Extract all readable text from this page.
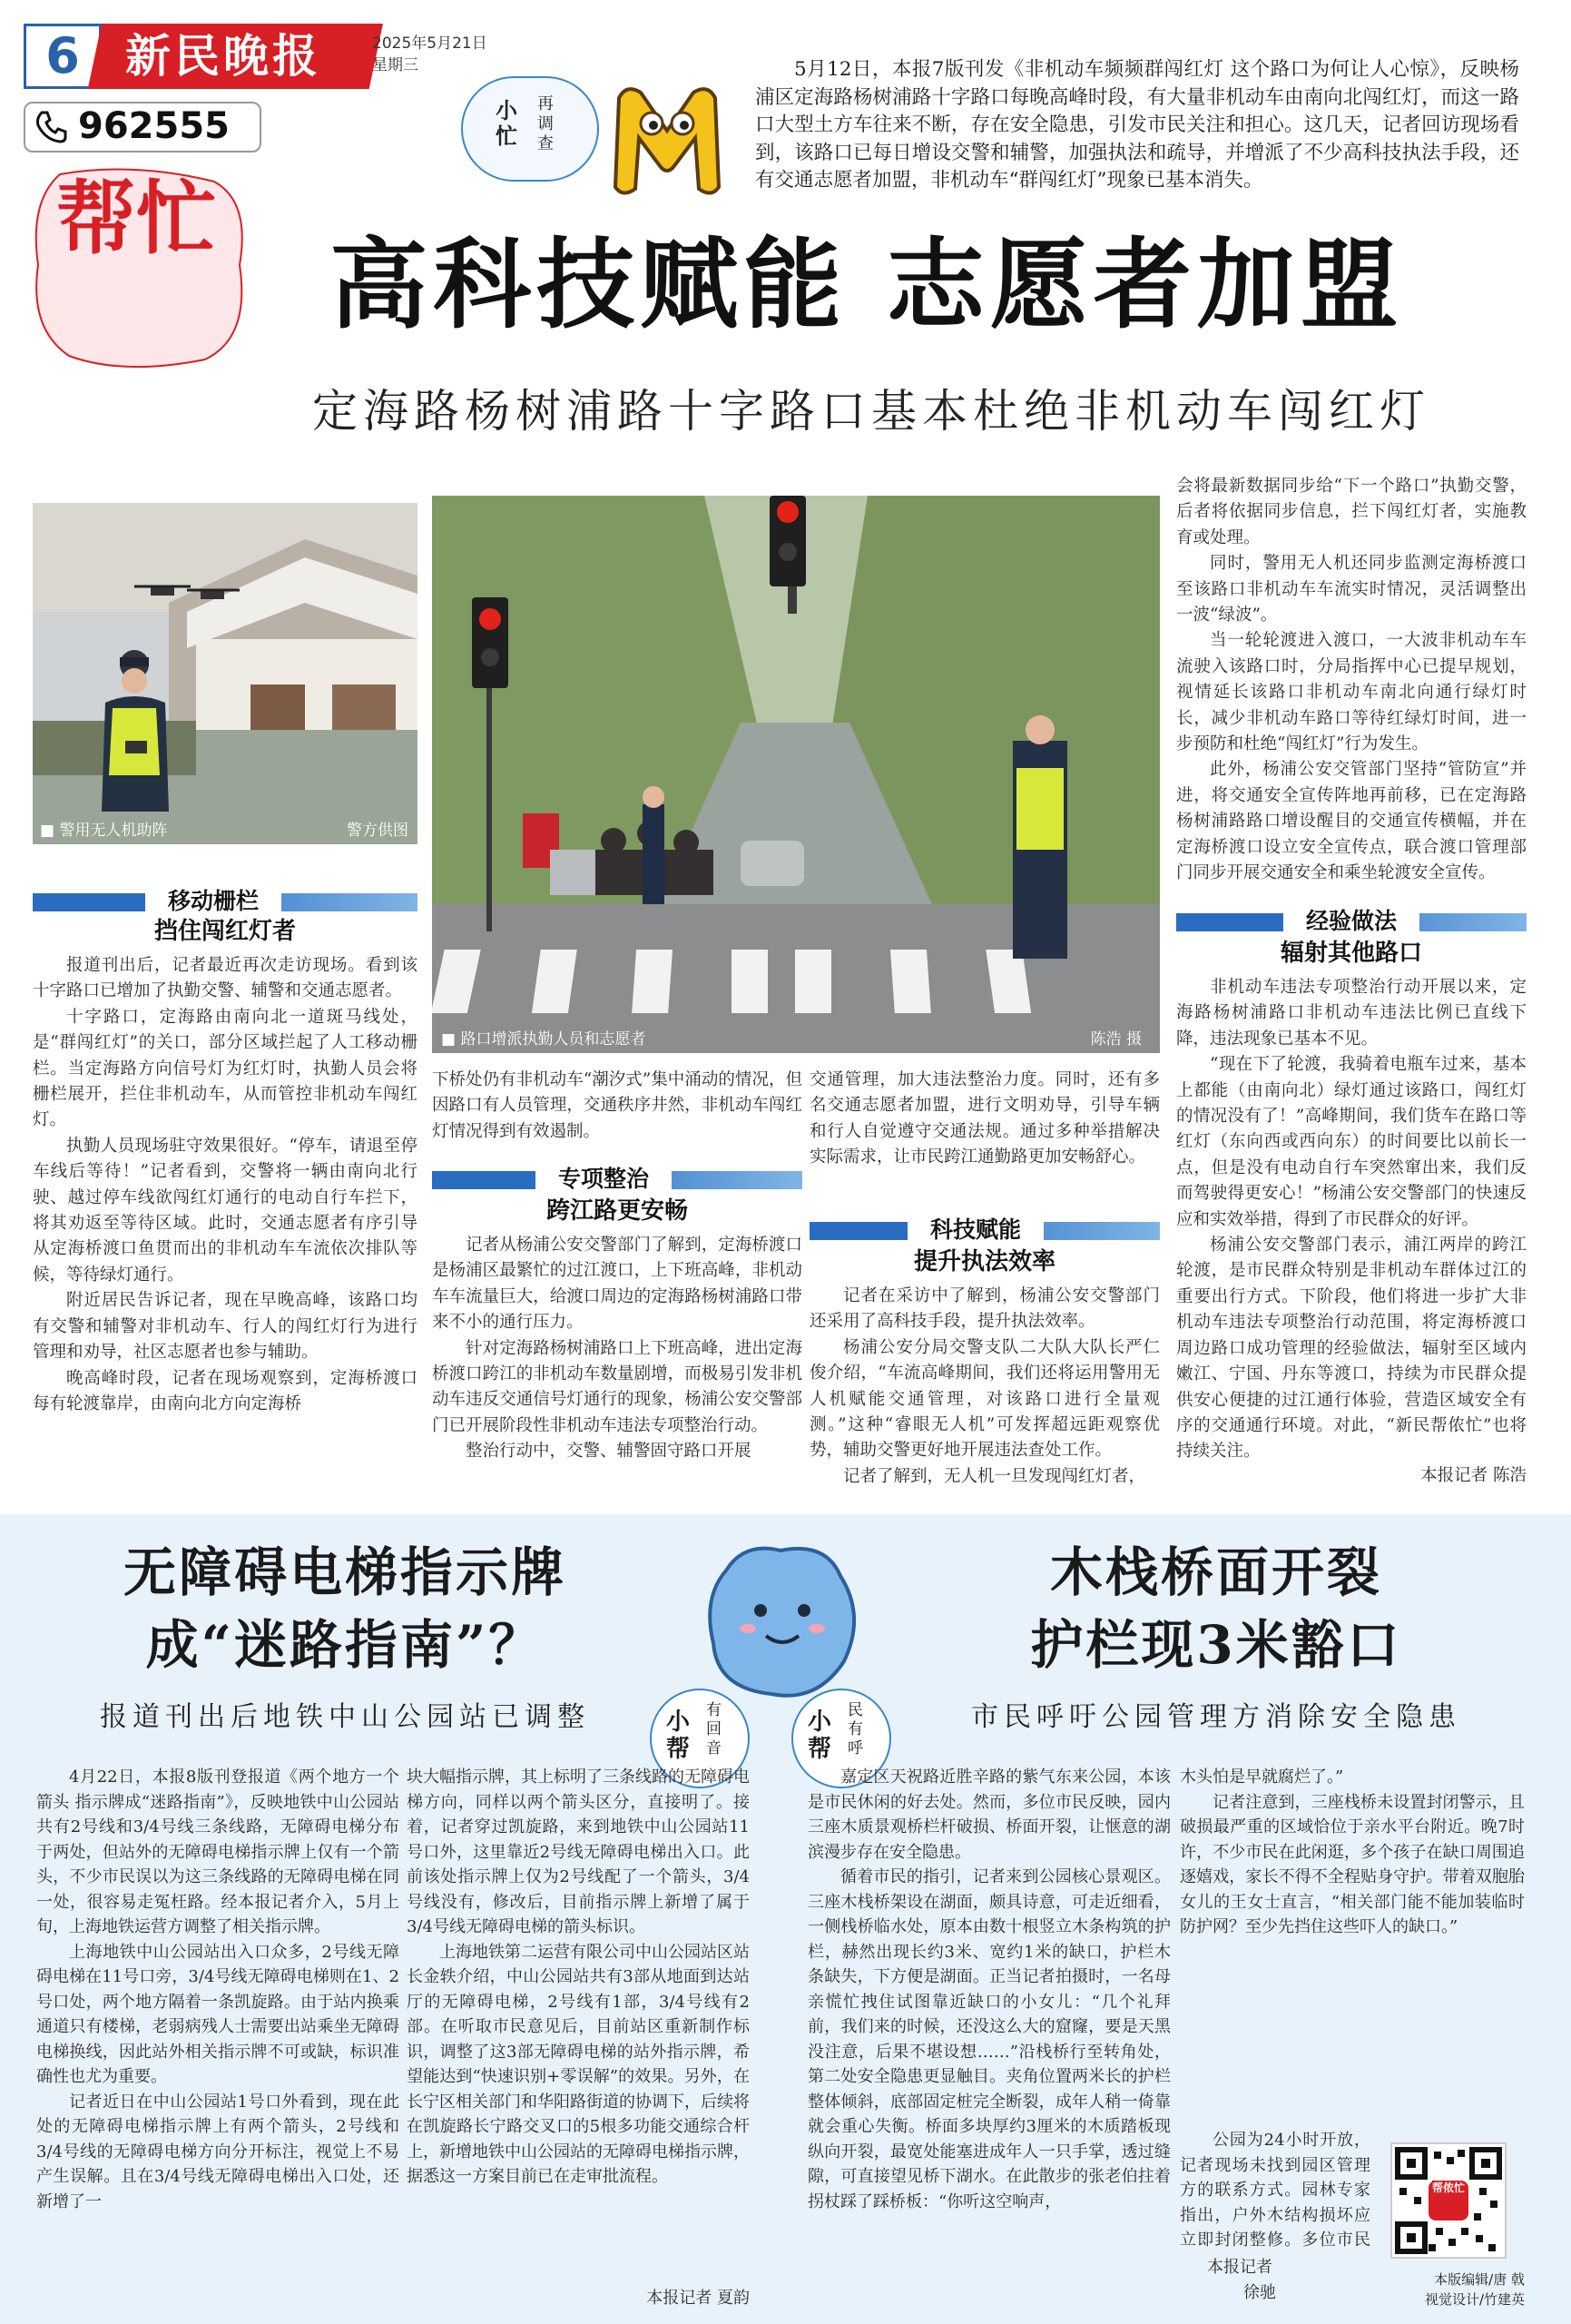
6	新民晚报	2025年5月21日
星期三
962555
帮忙
小忙
再调查
5月12日，本报7版刊发《非机动车频频群闯红灯 这个路口为何让人心惊》，反映杨浦区定海路杨树浦路十字路口每晚高峰时段，有大量非机动车由南向北闯红灯，而这一路口大型土方车往来不断，存在安全隐患，引发市民关注和担心。这几天，记者回访现场看到，该路口已每日增设交警和辅警，加强执法和疏导，并增派了不少高科技执法手段，还有交通志愿者加盟，非机动车“群闯红灯”现象已基本消失。
高科技赋能 志愿者加盟
定海路杨树浦路十字路口基本杜绝非机动车闯红灯
■ 警用无人机助阵	警方供图
■ 路口增派执勤人员和志愿者	陈浩 摄
移动栅栏
挡住闯红灯者

报道刊出后，记者最近再次走访现场。看到该十字路口已增加了执勤交警、辅警和交通志愿者。

十字路口，定海路由南向北一道斑马线处，是“群闯红灯”的关口，部分区域拦起了人工移动栅栏。当定海路方向信号灯为红灯时，执勤人员会将栅栏展开，拦住非机动车，从而管控非机动车闯红灯。

执勤人员现场驻守效果很好。“停车，请退至停车线后等待！”记者看到，交警将一辆由南向北行驶、越过停车线欲闯红灯通行的电动自行车拦下，将其劝返至等待区域。此时，交通志愿者有序引导从定海桥渡口鱼贯而出的非机动车车流依次排队等候，等待绿灯通行。

附近居民告诉记者，现在早晚高峰，该路口均有交警和辅警对非机动车、行人的闯红灯行为进行管理和劝导，社区志愿者也参与辅助。

晚高峰时段，记者在现场观察到，定海桥渡口每有轮渡靠岸，由南向北方向定海桥

下桥处仍有非机动车“潮汐式”集中涌动的情况，但因路口有人员管理，交通秩序井然，非机动车闯红灯情况得到有效遏制。

专项整治
跨江路更安畅

记者从杨浦公安交警部门了解到，定海桥渡口是杨浦区最繁忙的过江渡口，上下班高峰，非机动车车流量巨大，给渡口周边的定海路杨树浦路口带来不小的通行压力。

针对定海路杨树浦路口上下班高峰，进出定海桥渡口跨江的非机动车数量剧增，而极易引发非机动车违反交通信号灯通行的现象，杨浦公安交警部门已开展阶段性非机动车违法专项整治行动。

整治行动中，交警、辅警固守路口开展

交通管理，加大违法整治力度。同时，还有多名交通志愿者加盟，进行文明劝导，引导车辆和行人自觉遵守交通法规。通过多种举措解决实际需求，让市民跨江通勤路更加安畅舒心。

科技赋能
提升执法效率

记者在采访中了解到，杨浦公安交警部门还采用了高科技手段，提升执法效率。

杨浦公安分局交警支队二大队大队长严仁俊介绍，“车流高峰期间，我们还将运用警用无人机赋能交通管理，对该路口进行全量观测。”这种“睿眼无人机”可发挥超远距观察优势，辅助交警更好地开展违法查处工作。

记者了解到，无人机一旦发现闯红灯者，

会将最新数据同步给“下一个路口”执勤交警，后者将依据同步信息，拦下闯红灯者，实施教育或处理。

同时，警用无人机还同步监测定海桥渡口至该路口非机动车车流实时情况，灵活调整出一波“绿波”。

当一轮轮渡进入渡口，一大波非机动车车流驶入该路口时，分局指挥中心已提早规划，视情延长该路口非机动车南北向通行绿灯时长，减少非机动车路口等待红绿灯时间，进一步预防和杜绝“闯红灯”行为发生。

此外，杨浦公安交管部门坚持“管防宣”并进，将交通安全宣传阵地再前移，已在定海路杨树浦路路口增设醒目的交通宣传横幅，并在定海桥渡口设立安全宣传点，联合渡口管理部门同步开展交通安全和乘坐轮渡安全宣传。

经验做法
辐射其他路口

非机动车违法专项整治行动开展以来，定海路杨树浦路口非机动车违法比例已直线下降，违法现象已基本不见。

“现在下了轮渡，我骑着电瓶车过来，基本上都能（由南向北）绿灯通过该路口，闯红灯的情况没有了！”高峰期间，我们货车在路口等红灯（东向西或西向东）的时间要比以前长一点，但是没有电动自行车突然窜出来，我们反而驾驶得更安心！”杨浦公安交警部门的快速反应和实效举措，得到了市民群众的好评。

杨浦公安交警部门表示，浦江两岸的跨江轮渡，是市民群众特别是非机动车群体过江的重要出行方式。下阶段，他们将进一步扩大非机动车违法专项整治行动范围，将定海桥渡口周边路口成功管理的经验做法，辐射至区域内嫩江、宁国、丹东等渡口，持续为市民群众提供安心便捷的过江通行体验，营造区域安全有序的交通通行环境。对此，“新民帮侬忙”也将持续关注。

本报记者 陈浩
无障碍电梯指示牌
成“迷路指南”？
报道刊出后地铁中山公园站已调整	小帮
有回音
小帮
民有呼
木栈桥面开裂
护栏现3米豁口
市民呼吁公园管理方消除安全隐患

4月22日，本报8版刊登报道《两个地方一个箭头 指示牌成“迷路指南”》，反映地铁中山公园站共有2号线和3/4号线三条线路，无障碍电梯分布于两处，但站外的无障碍电梯指示牌上仅有一个箭头，不少市民误以为这三条线路的无障碍电梯在同一处，很容易走冤枉路。经本报记者介入，5月上旬，上海地铁运营方调整了相关指示牌。

上海地铁中山公园站出入口众多，2号线无障碍电梯在11号口旁，3/4号线无障碍电梯则在1、2号口处，两个地方隔着一条凯旋路。由于站内换乘通道只有楼梯，老弱病残人士需要出站乘坐无障碍电梯换线，因此站外相关指示牌不可或缺，标识准确性也尤为重要。

记者近日在中山公园站1号口外看到，现在此处的无障碍电梯指示牌上有两个箭头，2号线和3/4号线的无障碍电梯方向分开标注，视觉上不易产生误解。且在3/4号线无障碍电梯出入口处，还新增了一

块大幅指示牌，其上标明了三条线路的无障碍电梯方向，同样以两个箭头区分，直接明了。接着，记者穿过凯旋路，来到地铁中山公园站11号口外，这里靠近2号线无障碍电梯出入口。此前该处指示牌上仅为2号线配了一个箭头，3/4号线没有，修改后，目前指示牌上新增了属于3/4号线无障碍电梯的箭头标识。

上海地铁第二运营有限公司中山公园站区站长金轶介绍，中山公园站共有3部从地面到达站厅的无障碍电梯，2号线有1部，3/4号线有2部。在听取市民意见后，目前站区重新制作标识，调整了这3部无障碍电梯的站外指示牌，希望能达到“快速识别+零误解”的效果。另外，在长宁区相关部门和华阳路街道的协调下，后续将在凯旋路长宁路交叉口的5根多功能交通综合杆上，新增地铁中山公园站的无障碍电梯指示牌，据悉这一方案目前已在走审批流程。

本报记者 夏韵

嘉定区天祝路近胜辛路的紫气东来公园，本该是市民休闲的好去处。然而，多位市民反映，园内三座木质景观桥栏杆破损、桥面开裂，让惬意的湖滨漫步存在安全隐患。

循着市民的指引，记者来到公园核心景观区。三座木栈桥架设在湖面，颇具诗意，可走近细看，一侧栈桥临水处，原本由数十根竖立木条构筑的护栏，赫然出现长约3米、宽约1米的缺口，护栏木条缺失，下方便是湖面。正当记者拍摄时，一名母亲慌忙拽住试图靠近缺口的小女儿：“几个礼拜前，我们来的时候，还没这么大的窟窿，要是天黑没注意，后果不堪设想……”沿栈桥行至转角处，第二处安全隐患更显触目。夹角位置两米长的护栏整体倾斜，底部固定桩完全断裂，成年人稍一倚靠就会重心失衡。桥面多块厚约3厘米的木质踏板现纵向开裂，最宽处能塞进成年人一只手掌，透过缝隙，可直接望见桥下湖水。在此散步的张老伯拄着拐杖踩了踩桥板：“你听这空响声，

木头怕是早就腐烂了。”

记者注意到，三座栈桥未设置封闭警示，且破损最严重的区域恰位于亲水平台附近。晚7时许，不少市民在此闲逛，多个孩子在缺口周围追逐嬉戏，家长不得不全程贴身守护。带着双胞胎女儿的王女士直言，“相关部门能不能加装临时防护网？至少先挡住这些吓人的缺口。”

公园为24小时开放，记者现场未找到园区管理方的联系方式。园林专家指出，户外木结构损坏应立即封闭整修。多位市民

本报记者
徐驰
帮侬忙
本版编辑/唐 戟
视觉设计/竹建英
